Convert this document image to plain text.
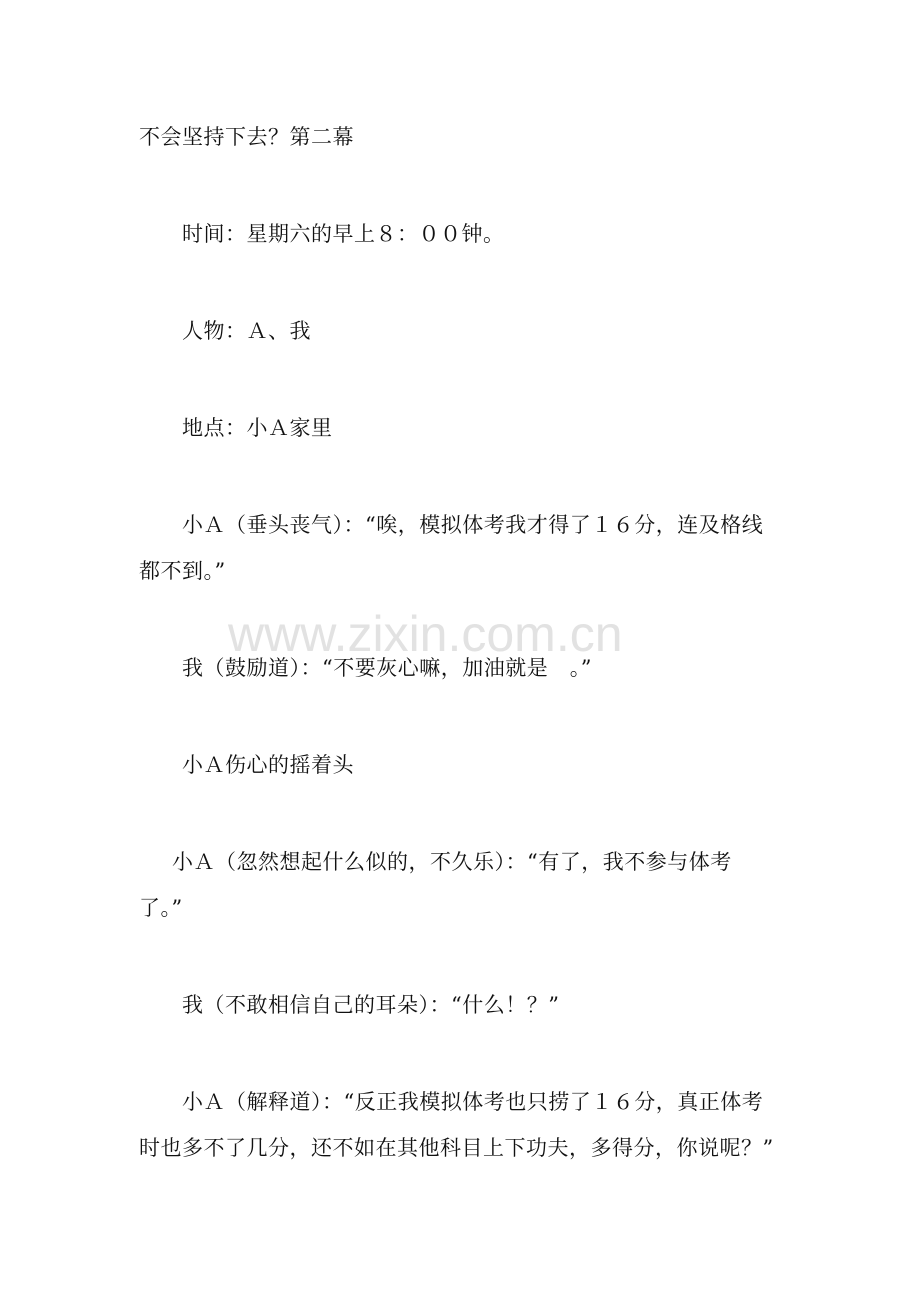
www.zixin.com.cn
不会坚持下去？第二幕
时间：星期六的早上８：００钟。
人物：Ａ、我
地点：小Ａ家里
小Ａ（垂头丧气）：“唉，模拟体考我才得了１６分，连及格线
都不到。”
我（鼓励道）：“不要灰心嘛，加油就是　。”
小Ａ伤心的摇着头
小Ａ（忽然想起什么似的，不久乐）：“有了，我不参与体考
了。”
我（不敢相信自己的耳朵）：“什么！？”
小Ａ（解释道）：“反正我模拟体考也只捞了１６分，真正体考
时也多不了几分，还不如在其他科目上下功夫，多得分，你说呢？”
